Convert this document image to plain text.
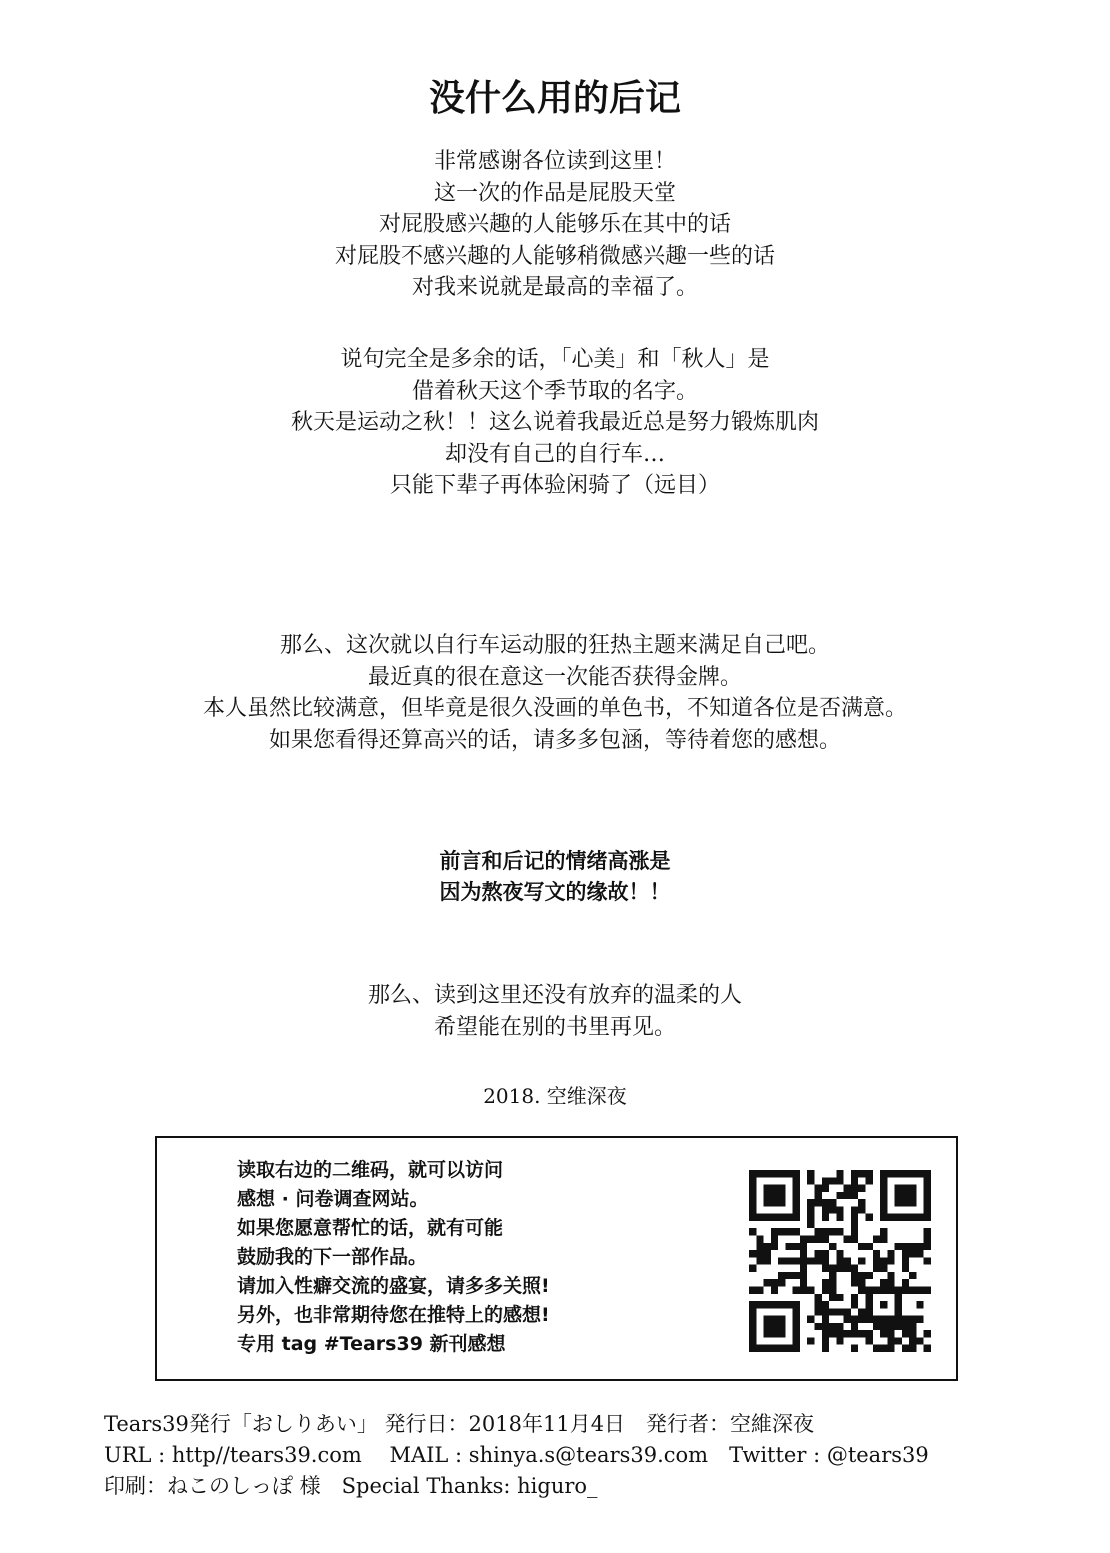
没什么用的后记
非常感谢各位读到这里！
这一次的作品是屁股天堂
对屁股感兴趣的人能够乐在其中的话
对屁股不感兴趣的人能够稍微感兴趣一些的话
对我来说就是最高的幸福了。
说句完全是多余的话，「心美」和「秋人」是
借着秋天这个季节取的名字。
秋天是运动之秋！！这么说着我最近总是努力锻炼肌肉
却没有自己的自行车…
只能下辈子再体验闲骑了（远目）
那么、这次就以自行车运动服的狂热主题来满足自己吧。
最近真的很在意这一次能否获得金牌。
本人虽然比较满意，但毕竟是很久没画的单色书，不知道各位是否满意。
如果您看得还算高兴的话，请多多包涵，等待着您的感想。
前言和后记的情绪高涨是
因为熬夜写文的缘故！！
那么、读到这里还没有放弃的温柔的人
希望能在别的书里再见。
2018. 空维深夜
读取右边的二维码，就可以访问
感想 · 问卷调查网站。
如果您愿意帮忙的话，就有可能
鼓励我的下一部作品。
请加入性癖交流的盛宴，请多多关照!
另外，也非常期待您在推特上的感想!
专用 tag #Tears39 新刊感想
Tears39発行「おしりあい」 発行日：2018年11月4日　発行者：空維深夜
URL : http//tears39.com　 MAIL : shinya.s@tears39.com　Twitter : @tears39
印刷：ねこのしっぽ 様　Special Thanks: higuro_
